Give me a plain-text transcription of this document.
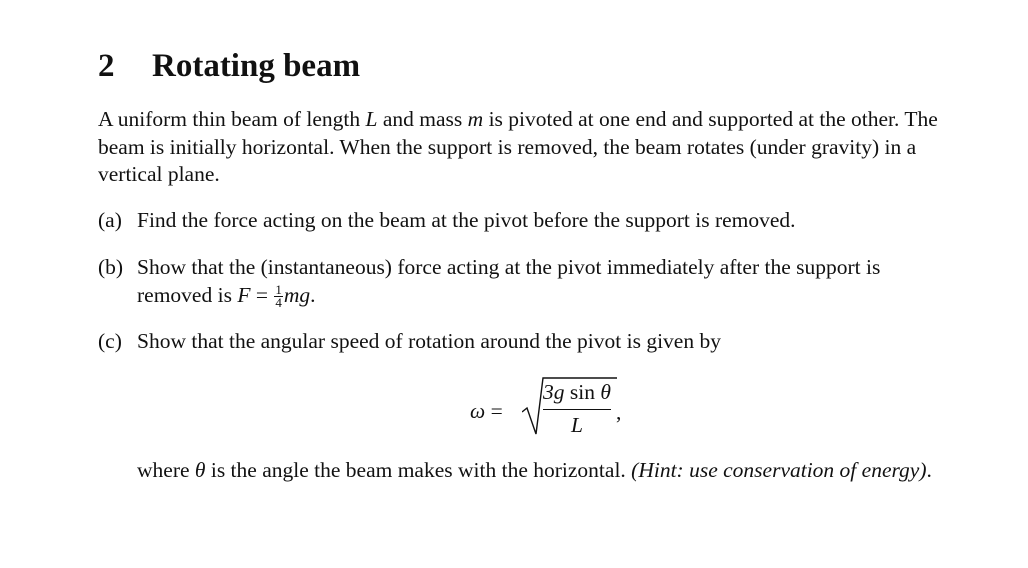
2 Rotating beam

A uniform thin beam of length L and mass m is pivoted at one end and supported at the other. The beam is initially horizontal. When the support is removed, the beam rotates (under gravity) in a vertical plane.

(a) Find the force acting on the beam at the pivot before the support is removed.
(b) Show that the (instantaneous) force acting at the pivot immediately after the support is removed is $F = \frac{1}{4}$ mg.
(c) Show that the angular speed of rotation around the pivot is given by
ω =
3g sin θ
L
,

where θ is the angle the beam makes with the horizontal. (Hint: use conservation of energy).
